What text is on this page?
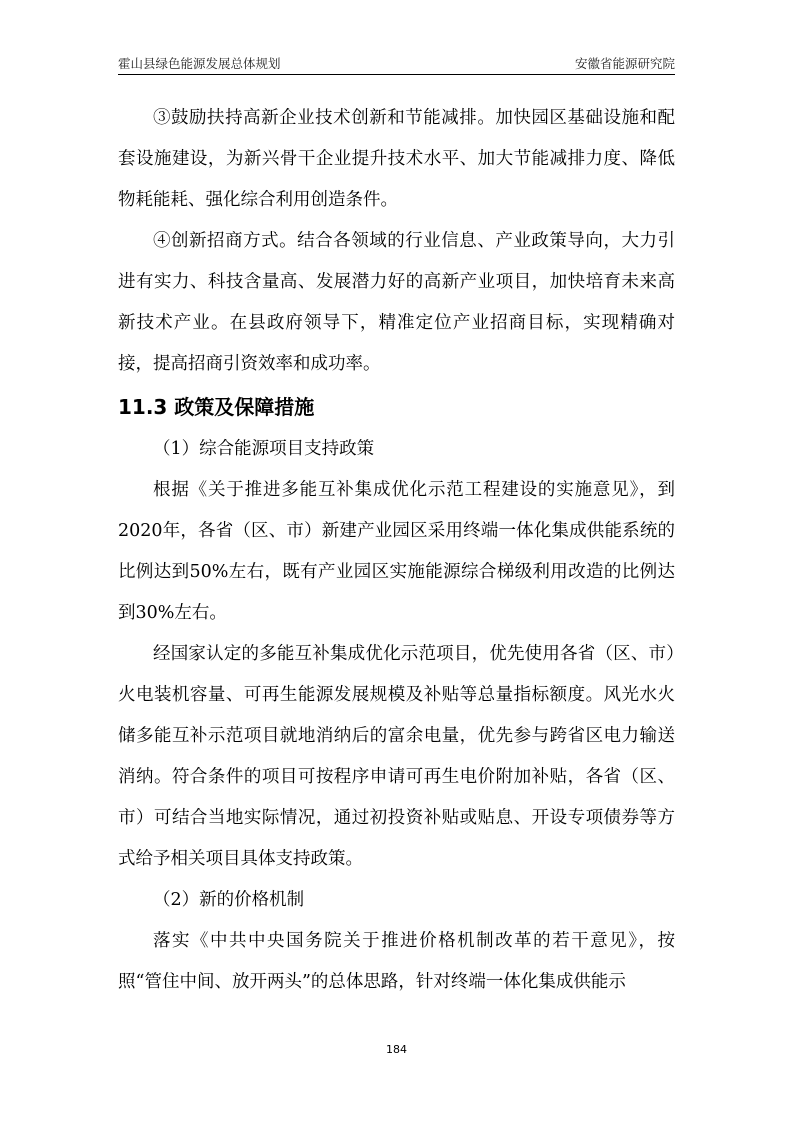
霍山县绿色能源发展总体规划	安徽省能源研究院

③鼓励扶持高新企业技术创新和节能减排。加快园区基础设施和配套设施建设，为新兴骨干企业提升技术水平、加大节能减排力度、降低物耗能耗、强化综合利用创造条件。

④创新招商方式。结合各领域的行业信息、产业政策导向，大力引进有实力、科技含量高、发展潜力好的高新产业项目，加快培育未来高新技术产业。在县政府领导下，精准定位产业招商目标，实现精确对接，提高招商引资效率和成功率。

11.3 政策及保障措施

（1）综合能源项目支持政策

根据《关于推进多能互补集成优化示范工程建设的实施意见》，到2020年，各省（区、市）新建产业园区采用终端一体化集成供能系统的比例达到50%左右，既有产业园区实施能源综合梯级利用改造的比例达到30%左右。

经国家认定的多能互补集成优化示范项目，优先使用各省（区、市）火电装机容量、可再生能源发展规模及补贴等总量指标额度。风光水火储多能互补示范项目就地消纳后的富余电量，优先参与跨省区电力输送消纳。符合条件的项目可按程序申请可再生电价附加补贴，各省（区、市）可结合当地实际情况，通过初投资补贴或贴息、开设专项债券等方式给予相关项目具体支持政策。

（2）新的价格机制

落实《中共中央国务院关于推进价格机制改革的若干意见》，按照“管住中间、放开两头”的总体思路，针对终端一体化集成供能示

184
